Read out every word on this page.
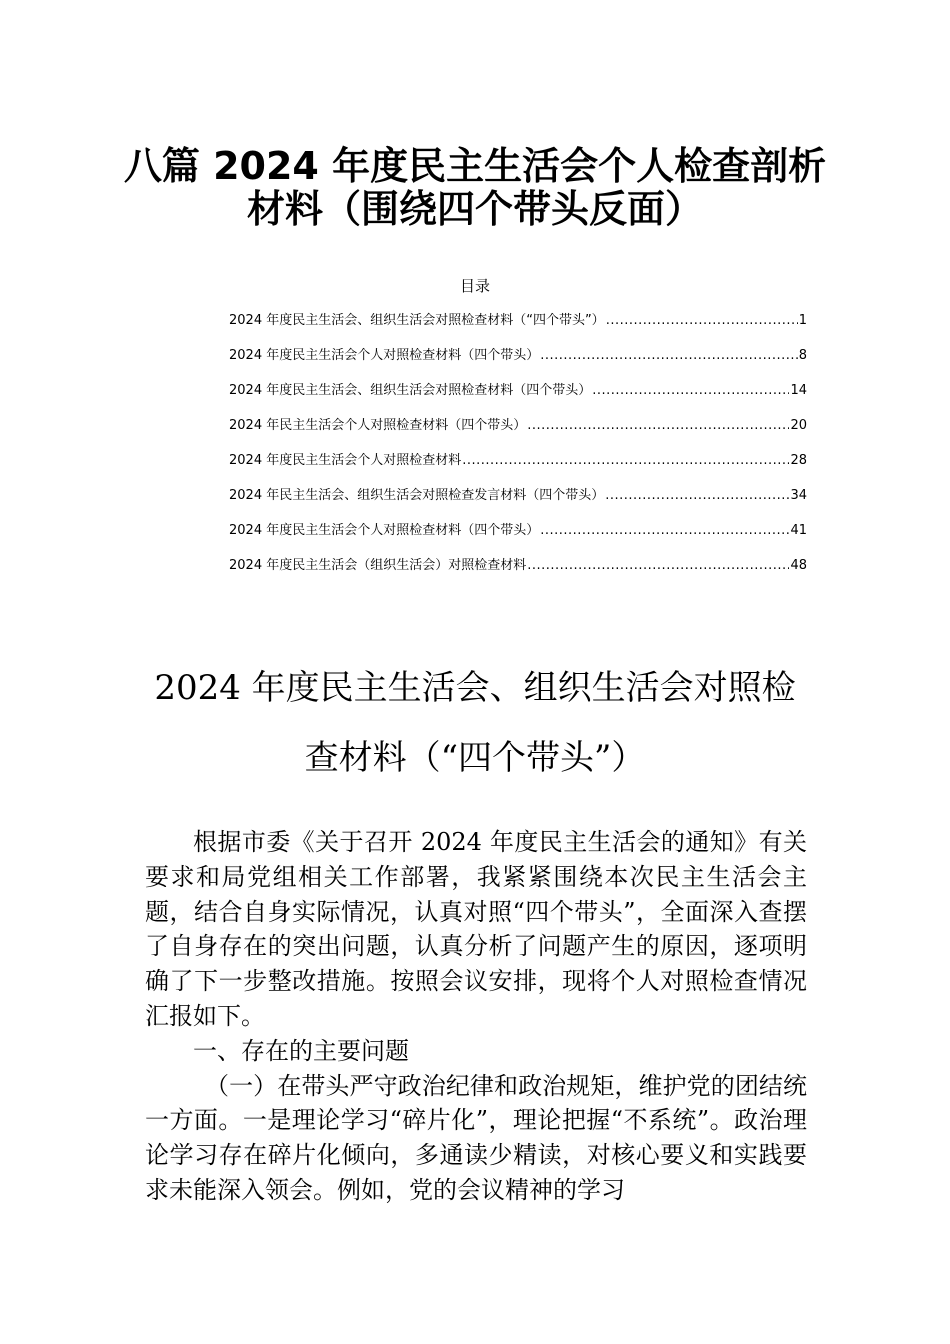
八篇 2024 年度民主生活会个人检查剖析
材料（围绕四个带头反面）
目录
2024 年度民主生活会、组织生活会对照检查材料（“四个带头”） .....	1
2024 年度民主生活会个人对照检查材料（四个带头） .....	8
2024 年度民主生活会、组织生活会对照检查材料（四个带头） .....	14
2024 年民主生活会个人对照检查材料（四个带头） .....	20
2024 年度民主生活会个人对照检查材料 .....	28
2024 年民主生活会、组织生活会对照检查发言材料（四个带头） .....	34
2024 年度民主生活会个人对照检查材料（四个带头） .....	41
2024 年度民主生活会（组织生活会）对照检查材料 .....	48
2024 年度民主生活会、组织生活会对照检
查材料（“四个带头”）

根据市委《关于召开 2024 年度民主生活会的通知》有关要求和局党组相关工作部署，我紧紧围绕本次民主生活会主题，结合自身实际情况，认真对照“四个带头”，全面深入查摆了自身存在的突出问题，认真分析了问题产生的原因，逐项明确了下一步整改措施。按照会议安排，现将个人对照检查情况汇报如下。

一、存在的主要问题

（一）在带头严守政治纪律和政治规矩，维护党的团结统一方面。一是理论学习“碎片化”，理论把握“不系统”。政治理论学习存在碎片化倾向，多通读少精读，对核心要义和实践要求未能深入领会。例如，党的会议精神的学习
